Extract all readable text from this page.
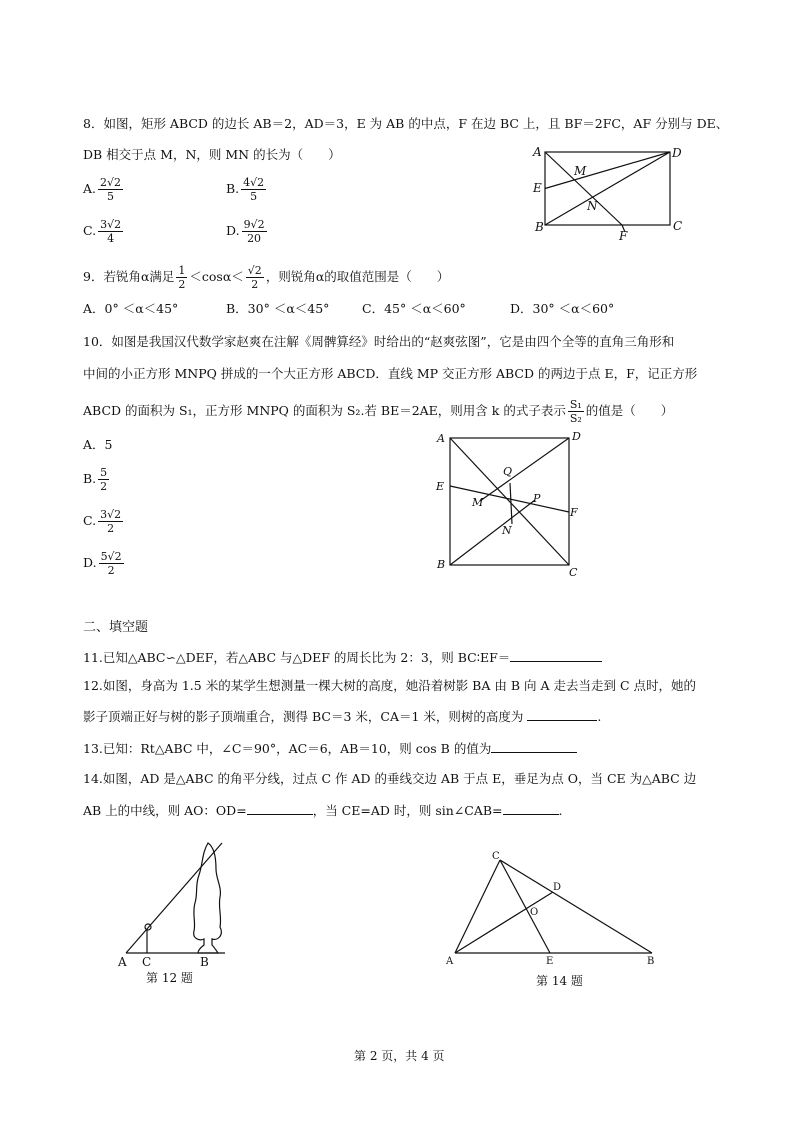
8．如图，矩形 ABCD 的边长 AB＝2，AD＝3，E 为 AB 的中点，F 在边 BC 上，且 BF＝2FC，AF 分别与 DE、
DB 相交于点 M，N，则 MN 的长为（　　）
A. $\frac{2√2}{5}$	B. $\frac{4√2}{5}$
C. $\frac{3√2}{4}$	D. $\frac{9√2}{20}$
A	D
E
M
N
B
F
C
9．若锐角α满足 $\frac{1}{2} <\cos\alpha< \frac{√2}{2}$ ，则锐角α的取值范围是（　　）
A．0° ＜α＜45°	B．30° ＜α＜45°	C．45° ＜α＜60°	D．30° ＜α＜60°
10．如图是我国汉代数学家赵爽在注解《周髀算经》时给出的“赵爽弦图”，它是由四个全等的直角三角形和
中间的小正方形 MNPQ 拼成的一个大正方形 ABCD．直线 MP 交正方形 ABCD 的两边于点 E，F，记正方形
ABCD 的面积为 S₁，正方形 MNPQ 的面积为 S₂.若 BE＝2AE，则用含 k 的式子表示 $\frac{\text{S₁}}{\text{S₂}}$ 的值是（　　）
A．5
B. $\frac{5}{2}$
C. $\frac{3√2}{2}$
D. $\frac{5√2}{2}$
A	D
E
Q
M	P
F
N
B
C
二、填空题
11.已知△ABC∽△DEF，若△ABC 与△DEF 的周长比为 2：3，则 BC∶EF＝
12.如图，身高为 1.5 米的某学生想测量一棵大树的高度，她沿着树影 BA 由 B 向 A 走去当走到 C 点时，她的
影子顶端正好与树的影子顶端重合，测得 BC＝3 米，CA＝1 米，则树的高度为	.
13.已知：Rt△ABC 中，∠C＝90°，AC＝6，AB＝10，则 cos B 的值为
14.如图，AD 是△ABC 的角平分线，过点 C 作 AD 的垂线交边 AB 于点 E，垂足为点 O，当 CE 为△ABC 边
AB 上的中线，则 AO：OD=	，当 CE=AD 时，则 sin∠CAB=	.
A C	B
第 12 题
C
D
O
A	E	B
第 14 题
第 2 页，共 4 页
